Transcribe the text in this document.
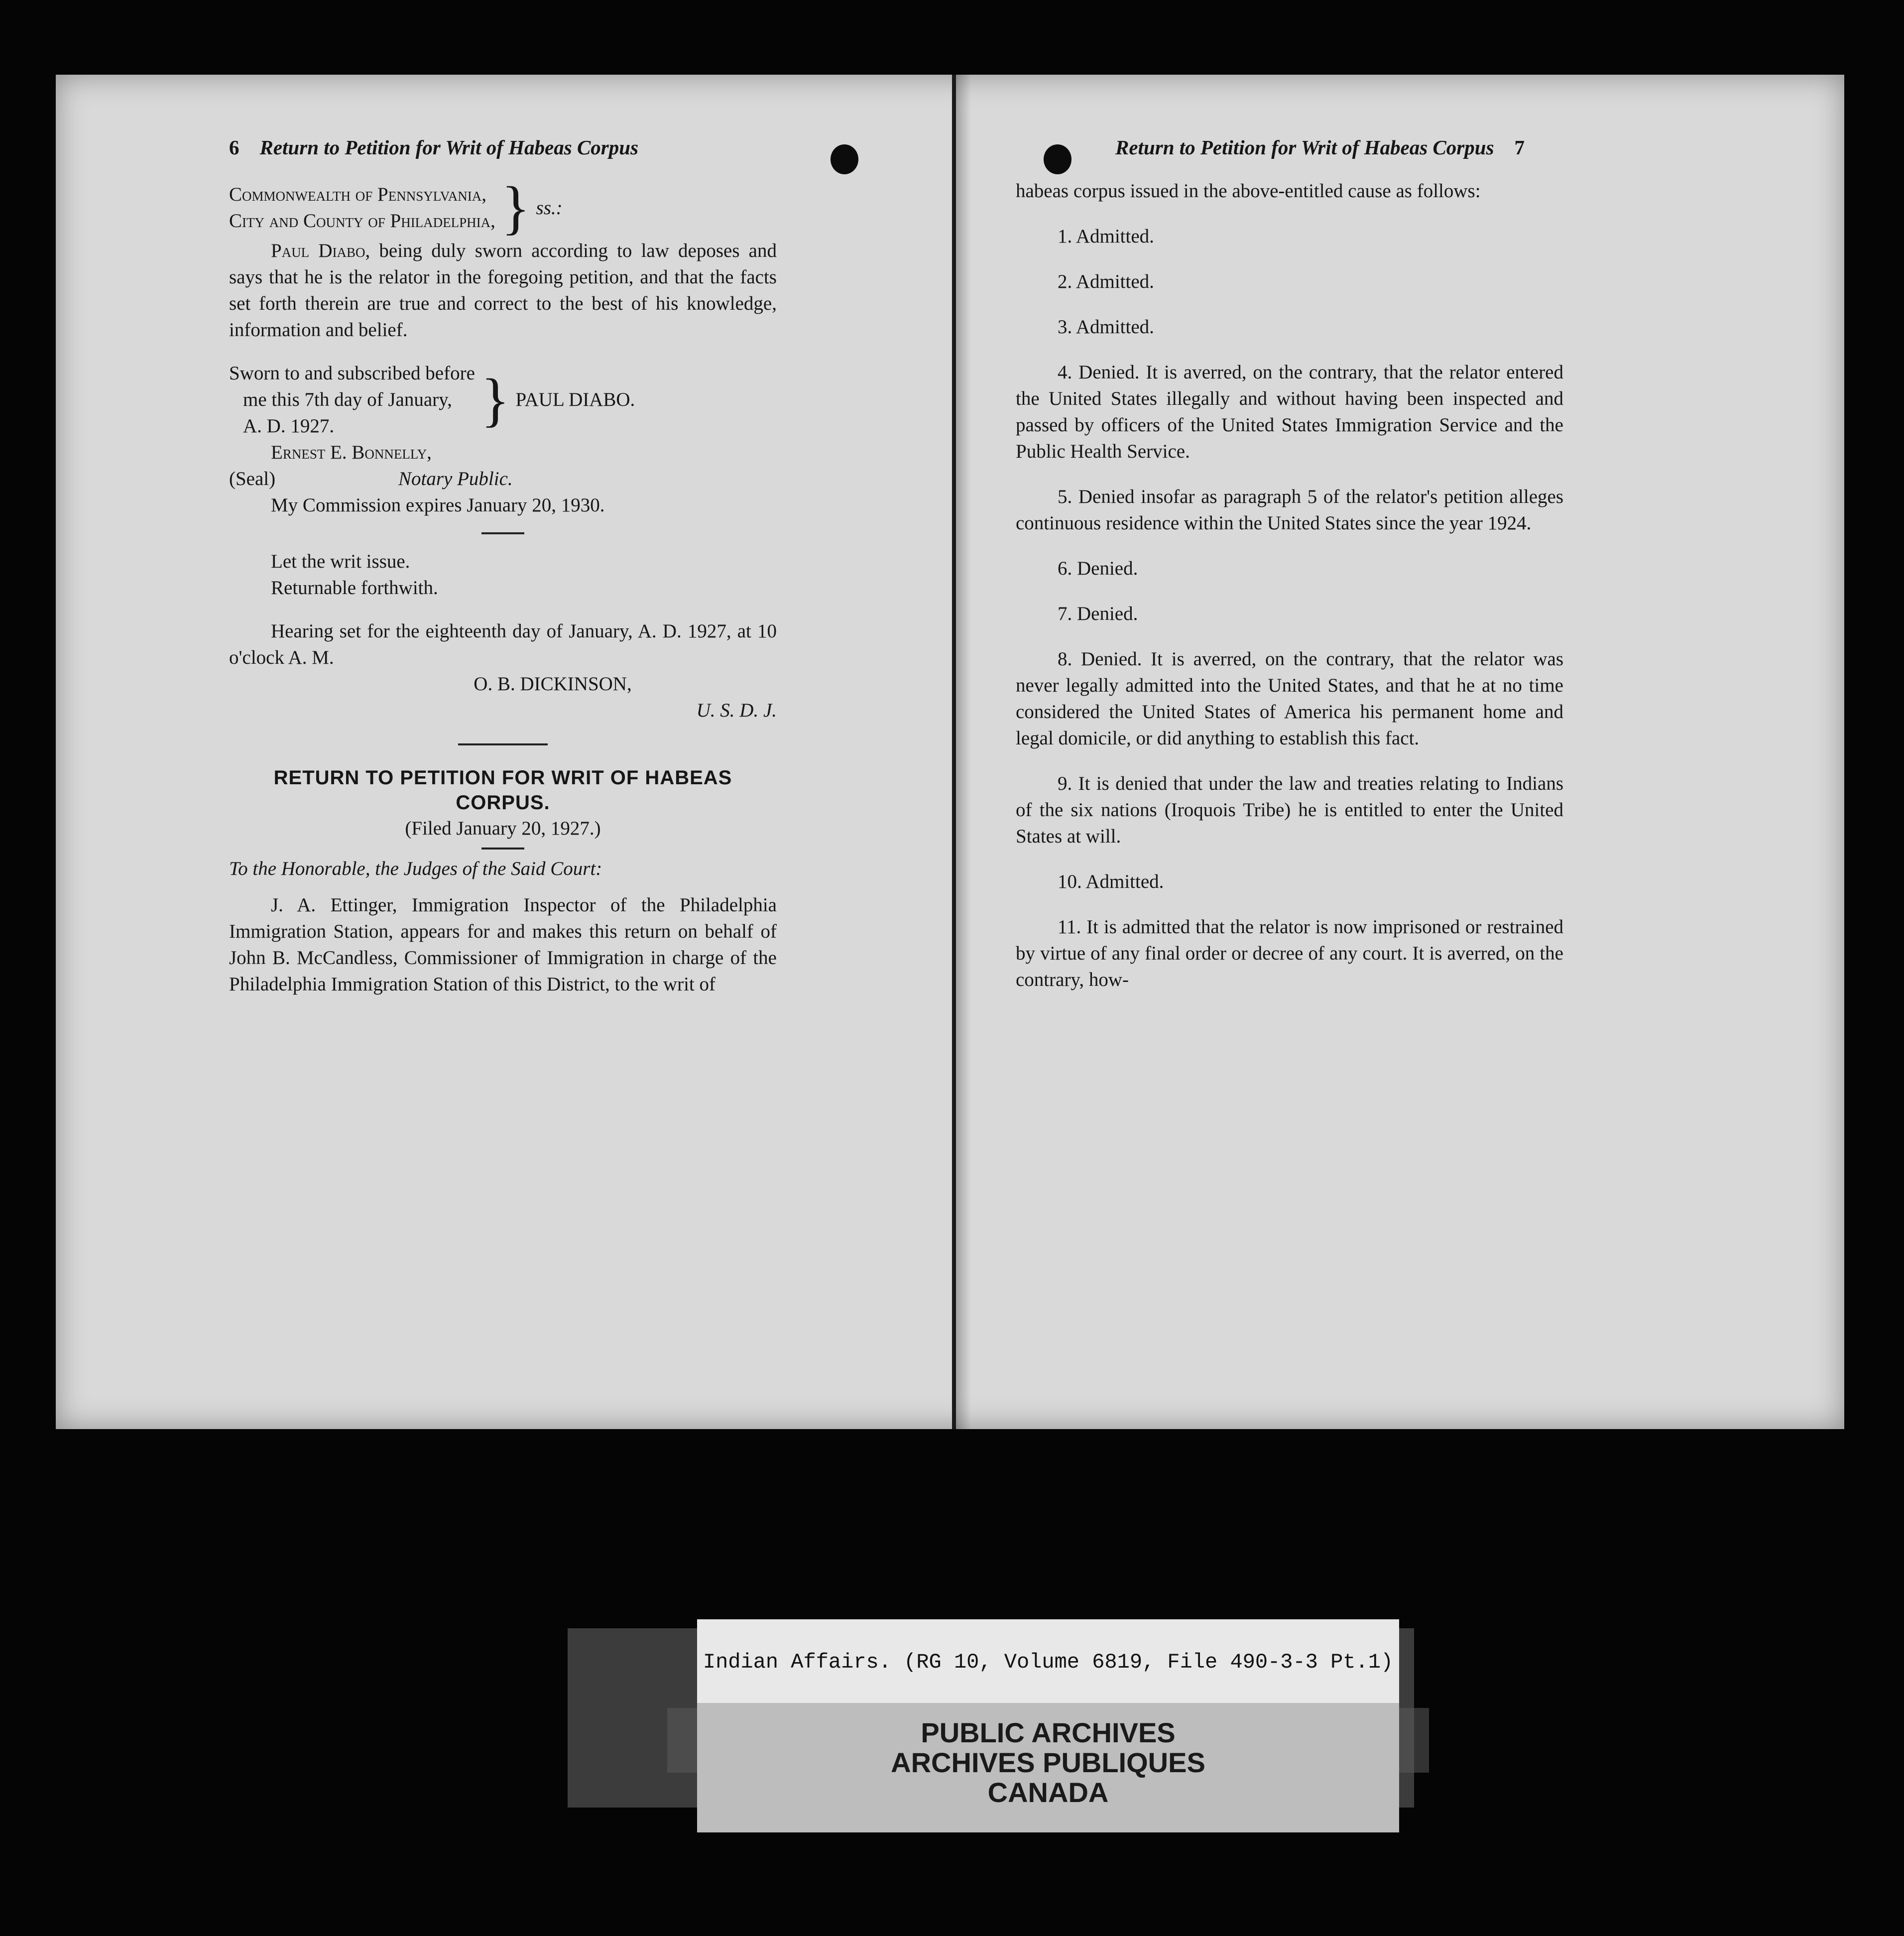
6 Return to Petition for Writ of Habeas Corpus
Commonwealth of Pennsylvania,
City and County of Philadelphia, } ss.:

Paul Diabo, being duly sworn according to law deposes and says that he is the relator in the foregoing petition, and that the facts set forth therein are true and correct to the best of his knowledge, information and belief.

Sworn to and subscribed before
me this 7th day of January,
A. D. 1927.	} PAUL DIABO.
Ernest E. Bonnelly,
(Seal)	Notary Public.
My Commission expires January 20, 1930.
Let the writ issue.
Returnable forthwith.

Hearing set for the eighteenth day of January, A. D. 1927, at 10 o'clock A. M.

O. B. DICKINSON,
U. S. D. J.
RETURN TO PETITION FOR WRIT OF HABEAS CORPUS.
(Filed January 20, 1927.)
To the Honorable, the Judges of the Said Court:

J. A. Ettinger, Immigration Inspector of the Philadelphia Immigration Station, appears for and makes this return on behalf of John B. McCandless, Commissioner of Immigration in charge of the Philadelphia Immigration Station of this District, to the writ of

Return to Petition for Writ of Habeas Corpus 7

habeas corpus issued in the above-entitled cause as follows:

1. Admitted.
2. Admitted.
3. Admitted.

4. Denied. It is averred, on the contrary, that the relator entered the United States illegally and without having been inspected and passed by officers of the United States Immigration Service and the Public Health Service.

5. Denied insofar as paragraph 5 of the relator's petition alleges continuous residence within the United States since the year 1924.

6. Denied.
7. Denied.

8. Denied. It is averred, on the contrary, that the relator was never legally admitted into the United States, and that he at no time considered the United States of America his permanent home and legal domicile, or did anything to establish this fact.

9. It is denied that under the law and treaties relating to Indians of the six nations (Iroquois Tribe) he is entitled to enter the United States at will.

10. Admitted.

11. It is admitted that the relator is now imprisoned or restrained by virtue of any final order or decree of any court. It is averred, on the contrary, how-

Indian Affairs. (RG 10, Volume 6819, File 490-3-3 Pt.1)
PUBLIC ARCHIVES
ARCHIVES PUBLIQUES
CANADA
